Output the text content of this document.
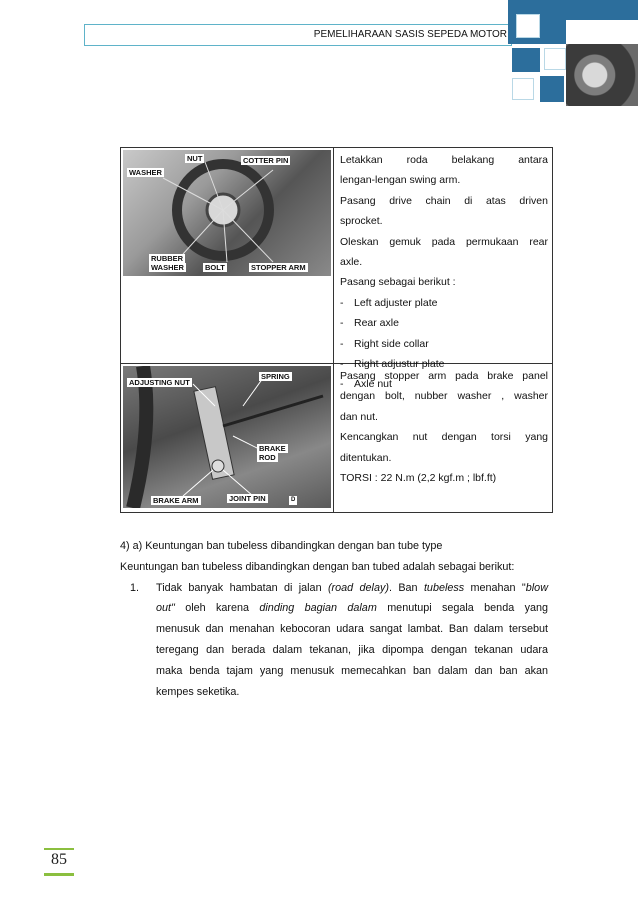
PEMELIHARAAN SASIS SEPEDA MOTOR
NUT	COTTER PIN
WASHER
RUBBER
WASHER	BOLT	STOPPER ARM
Letakkan roda belakang antara
lengan-lengan swing arm.
Pasang drive chain di atas driven
sprocket.
Oleskan gemuk pada permukaan rear
axle.
Pasang sebagai berikut :
- Left adjuster plate
- Rear axle
- Right side collar
- Right adjustur plate
- Axle nut
ADJUSTING NUT
SPRING
BRAKE
ROD
BRAKE ARM	JOINT PIN	D
Pasang stopper arm pada brake panel
dengan bolt, nubber washer , washer
dan nut.
Kencangkan nut dengan torsi yang
ditentukan.
TORSI : 22 N.m (2,2 kgf.m ; lbf.ft)
4) a) Keuntungan ban tubeless dibandingkan dengan ban tube type
Keuntungan ban tubeless dibandingkan dengan ban tubed adalah sebagai berikut:
1.	Tidak banyak hambatan di jalan (road delay). Ban tubeless menahan "blow

out" oleh karena dinding bagian dalam menutupi segala benda yang

menusuk dan menahan kebocoran udara sangat lambat. Ban dalam tersebut

teregang dan berada dalam tekanan, jika dipompa dengan tekanan udara

maka benda tajam yang menusuk memecahkan ban dalam dan ban akan

kempes seketika.

85
